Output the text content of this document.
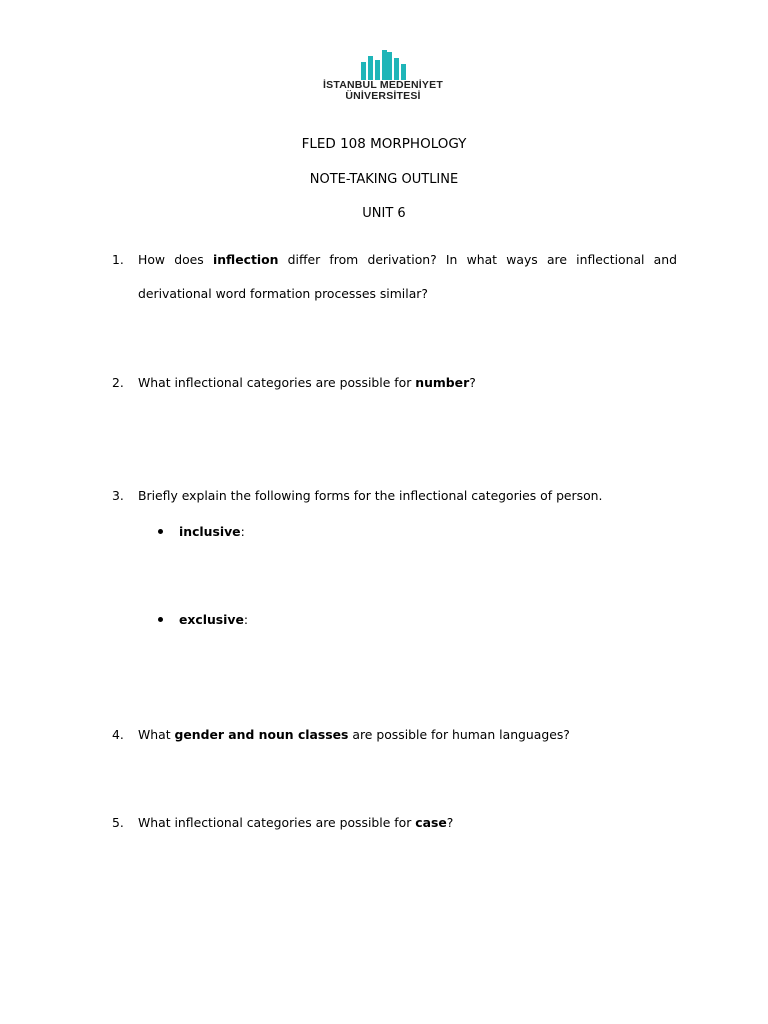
İSTANBUL MEDENİYET
ÜNİVERSİTESİ
FLED 108 MORPHOLOGY
NOTE-TAKING OUTLINE
UNIT 6
1. How does inflection differ from derivation? In what ways are inflectional and derivational word formation processes similar?
2. What inflectional categories are possible for number?
3. Briefly explain the following forms for the inflectional categories of person.
inclusive:
exclusive:
4. What gender and noun classes are possible for human languages?
5. What inflectional categories are possible for case?
